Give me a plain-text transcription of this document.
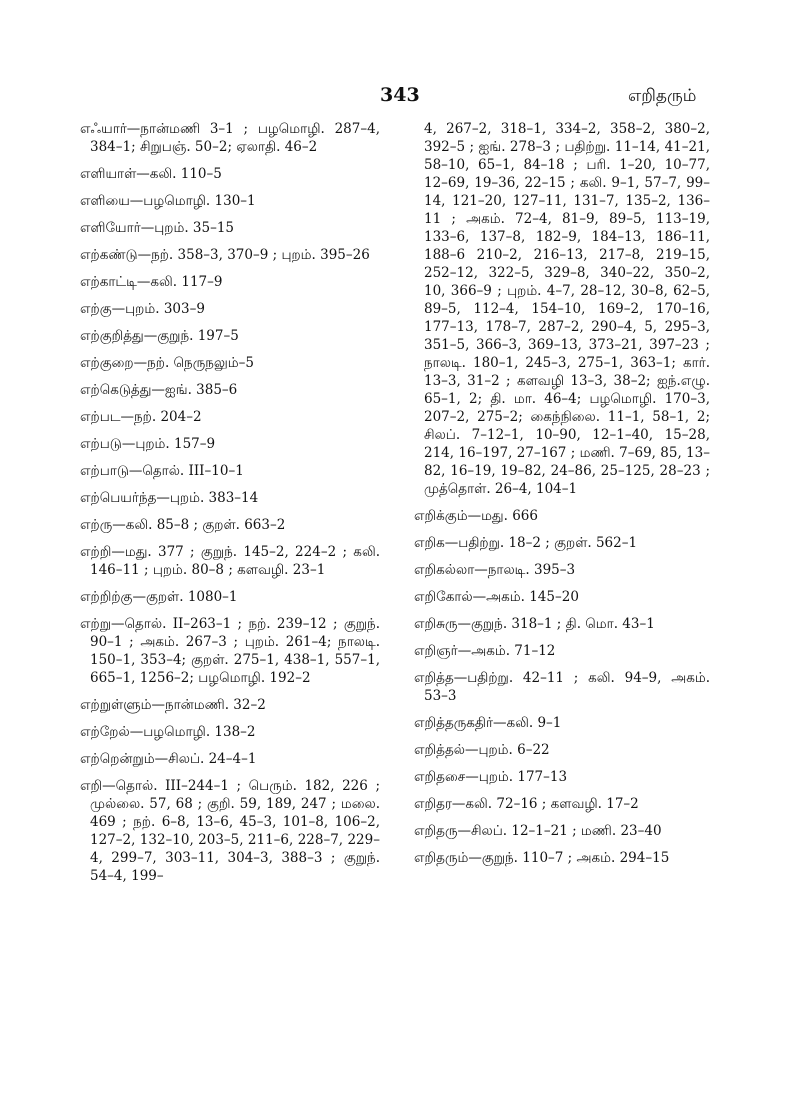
343	எறிதரும்
எஃயார்—நான்மணி 3–1 ; பழமொழி. 287–4, 384–1; சிறுபஞ். 50–2; ஏலாதி. 46–2
எளியாள்—கலி. 110–5
எளியை—பழமொழி. 130–1
எளியோர்—புறம். 35–15
எற்கண்டு—நற். 358–3, 370–9 ; புறம். 395–26
எற்காட்டி—கலி. 117–9
எற்கு—புறம். 303–9
எற்குறித்து—குறுந். 197–5
எற்குறை—நற். நெருநலும்–5
எற்கெடுத்து—ஐங். 385–6
எற்பட—நற். 204–2
எற்படு—புறம். 157–9
எற்பாடு—தொல். III–10–1
எற்பெயர்ந்த—புறம். 383–14
எற்ரு—கலி. 85–8 ; குறள். 663–2
எற்றி—மது. 377 ; குறுந். 145–2, 224–2 ; கலி. 146–11 ; புறம். 80–8 ; களவழி. 23–1
எற்றிற்கு—குறள். 1080–1
எற்று—தொல். II–263–1 ; நற். 239–12 ; குறுந். 90–1 ; அகம். 267–3 ; புறம். 261–4; நாலடி. 150–1, 353–4; குறள். 275–1, 438–1, 557–1, 665–1, 1256–2; பழமொழி. 192–2
எற்றுள்ளும்—நான்மணி. 32–2
எற்றேல்—பழமொழி. 138–2
எற்றென்றும்—சிலப். 24–4–1
எறி—தொல். III–244–1 ; பெரும். 182, 226 ; முல்லை. 57, 68 ; குறி. 59, 189, 247 ; மலை. 469 ; நற். 6–8, 13–6, 45–3, 101–8, 106–2, 127–2, 132–10, 203–5, 211–6, 228–7, 229–4, 299–7, 303–11, 304–3, 388–3 ; குறுந். 54–4, 199–
4, 267–2, 318–1, 334–2, 358–2, 380–2, 392–5 ; ஐங். 278–3 ; பதிற்று. 11–14, 41–21, 58–10, 65–1, 84–18 ; பரி. 1–20, 10–77, 12–69, 19–36, 22–15 ; கலி. 9–1, 57–7, 99–14, 121–20, 127–11, 131–7, 135–2, 136–11 ; அகம். 72–4, 81–9, 89–5, 113–19, 133–6, 137–8, 182–9, 184–13, 186–11, 188–6 210–2, 216–13, 217–8, 219–15, 252–12, 322–5, 329–8, 340–22, 350–2, 10, 366–9 ; புறம். 4–7, 28–12, 30–8, 62–5, 89–5, 112–4, 154–10, 169–2, 170–16, 177–13, 178–7, 287–2, 290–4, 5, 295–3, 351–5, 366–3, 369–13, 373–21, 397–23 ; நாலடி. 180–1, 245–3, 275–1, 363–1; கார். 13–3, 31–2 ; களவழி 13–3, 38–2; ஐந்.எழு. 65–1, 2; தி. மா. 46–4; பழமொழி. 170–3, 207–2, 275–2; கைந்நிலை. 11–1, 58–1, 2; சிலப். 7–12–1, 10–90, 12–1–40, 15–28, 214, 16–197, 27–167 ; மணி. 7–69, 85, 13–82, 16–19, 19–82, 24–86, 25–125, 28–23 ; முத்தொள். 26–4, 104–1
எறிக்கும்—மது. 666
எறிக—பதிற்று. 18–2 ; குறள். 562–1
எறிகல்லா—நாலடி. 395–3
எறிகோல்—அகம். 145–20
எறிசுரு—குறுந். 318–1 ; தி. மொ. 43–1
எறிஞர்—அகம். 71–12
எறித்த—பதிற்று. 42–11 ; கலி. 94–9, அகம். 53–3
எறித்தருகதிர்—கலி. 9–1
எறித்தல்—புறம். 6–22
எறிதசை—புறம். 177–13
எறிதர—கலி. 72–16 ; களவழி. 17–2
எறிதரு—சிலப். 12–1–21 ; மணி. 23–40
எறிதரும்—குறுந். 110–7 ; அகம். 294–15
